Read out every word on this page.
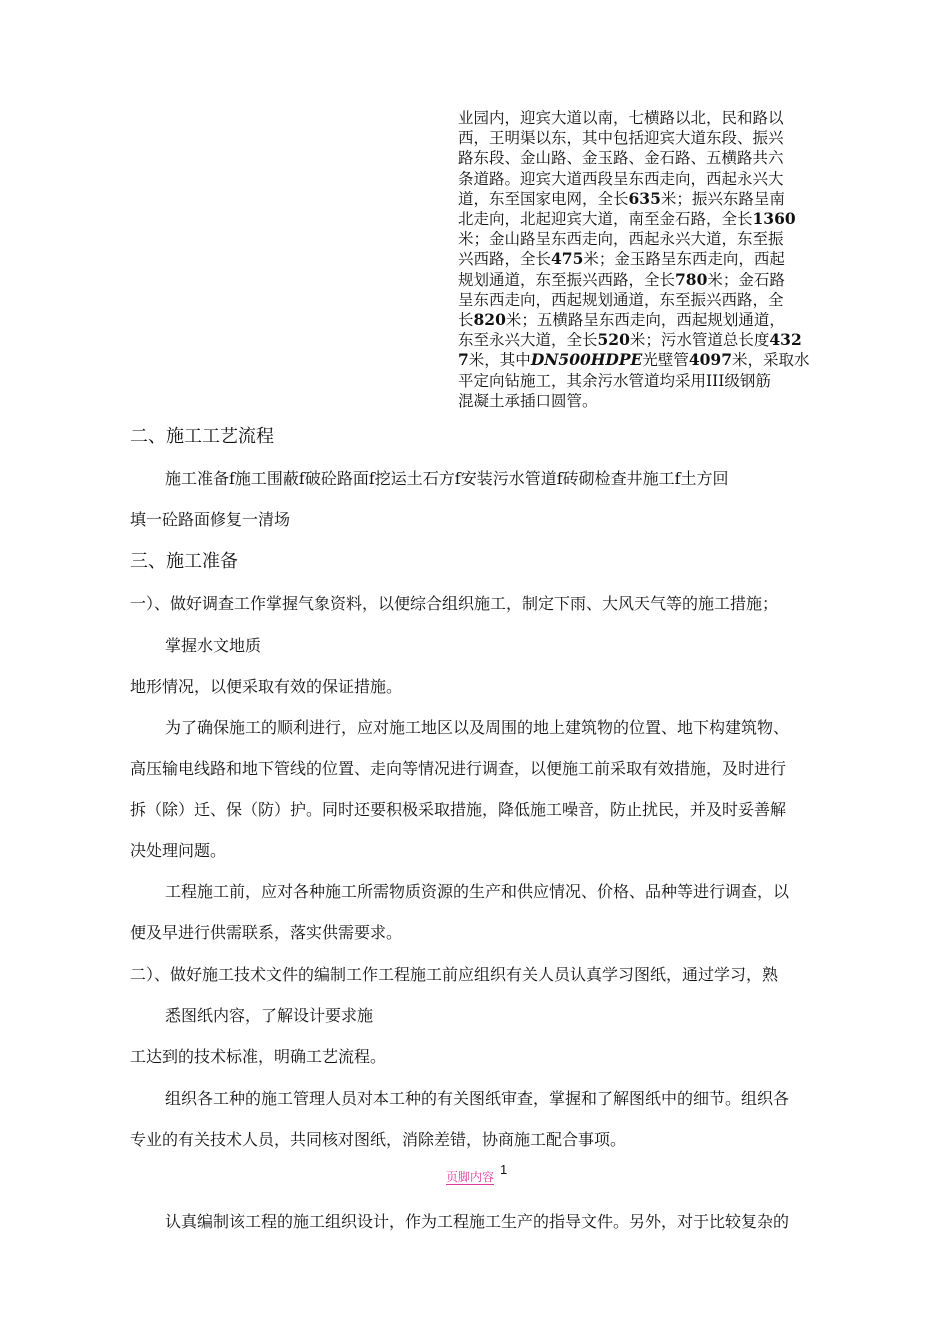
业园内，迎宾大道以南，七横路以北，民和路以
西，王明渠以东，其中包括迎宾大道东段、振兴
路东段、金山路、金玉路、金石路、五横路共六
条道路。迎宾大道西段呈东西走向，西起永兴大
道，东至国家电网，全长635米；振兴东路呈南
北走向，北起迎宾大道，南至金石路，全长1360
米；金山路呈东西走向，西起永兴大道，东至振
兴西路，全长475米；金玉路呈东西走向，西起
规划通道，东至振兴西路，全长780米；金石路
呈东西走向，西起规划通道，东至振兴西路，全
长820米；五横路呈东西走向，西起规划通道，
东至永兴大道，全长520米；污水管道总长度432
7米，其中DN500HDPE光壁管4097米，采取水
平定向钻施工，其余污水管道均采用III级钢筋
混凝土承插口圆管。
二、施工工艺流程
施工准备f施工围蔽f破砼路面f挖运土石方f安装污水管道f砖砌检查井施工f土方回
填一砼路面修复一清场
三、施工准备
一）、做好调查工作掌握气象资料，以便综合组织施工，制定下雨、大风天气等的施工措施；
掌握水文地质
地形情况，以便采取有效的保证措施。
为了确保施工的顺利进行，应对施工地区以及周围的地上建筑物的位置、地下构建筑物、
高压输电线路和地下管线的位置、走向等情况进行调查，以便施工前采取有效措施，及时进行
拆（除）迁、保（防）护。同时还要积极采取措施，降低施工噪音，防止扰民，并及时妥善解
决处理问题。
工程施工前，应对各种施工所需物质资源的生产和供应情况、价格、品种等进行调查，以
便及早进行供需联系，落实供需要求。
二）、做好施工技术文件的编制工作工程施工前应组织有关人员认真学习图纸，通过学习，熟
悉图纸内容，了解设计要求施
工达到的技术标准，明确工艺流程。
组织各工种的施工管理人员对本工种的有关图纸审查，掌握和了解图纸中的细节。组织各
专业的有关技术人员，共同核对图纸，消除差错，协商施工配合事项。
页脚内容 1
认真编制该工程的施工组织设计，作为工程施工生产的指导文件。另外，对于比较复杂的
